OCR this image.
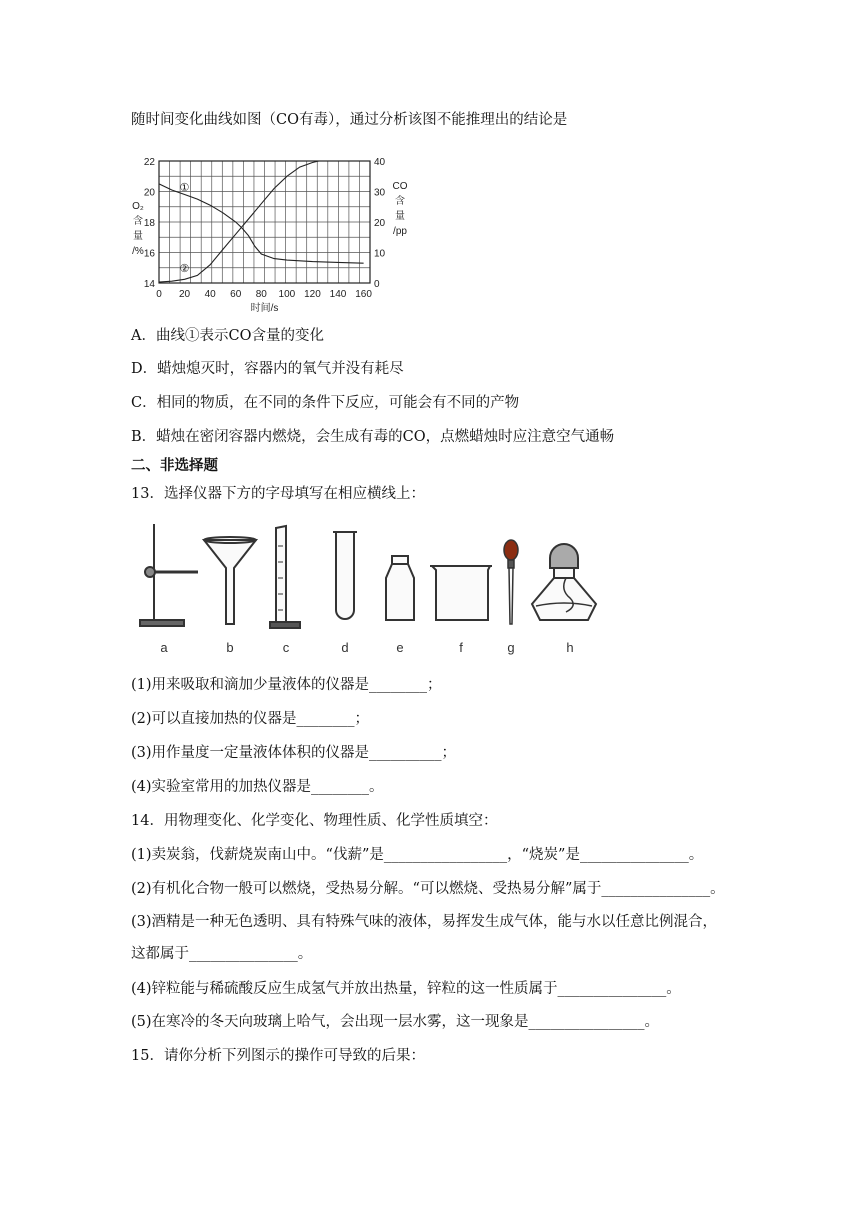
随时间变化曲线如图（CO有毒），通过分析该图不能推理出的结论是
0 20 40 60 80 100 120 140 160
14
16
18
20
22
0
10
20
30
40
①
②
O₂
含
量
/%
CO
含
量
/pp
时间/s
A．曲线①表示CO含量的变化
D．蜡烛熄灭时，容器内的氧气并没有耗尽
C．相同的物质，在不同的条件下反应，可能会有不同的产物
B．蜡烛在密闭容器内燃烧，会生成有毒的CO，点燃蜡烛时应注意空气通畅
二、非选择题
13．选择仪器下方的字母填写在相应横线上：
a	b	c	d	e	f	g	h
(1)用来吸取和滴加少量液体的仪器是________；
(2)可以直接加热的仪器是________；
(3)用作量度一定量液体体积的仪器是__________；
(4)实验室常用的加热仪器是________。
14．用物理变化、化学变化、物理性质、化学性质填空：
(1)卖炭翁，伐薪烧炭南山中。“伐薪”是_________________，“烧炭”是_______________。
(2)有机化合物一般可以燃烧，受热易分解。“可以燃烧、受热易分解”属于_______________。
(3)酒精是一种无色透明、具有特殊气味的液体，易挥发生成气体，能与水以任意比例混合，
这都属于_______________。
(4)锌粒能与稀硫酸反应生成氢气并放出热量，锌粒的这一性质属于_______________。
(5)在寒冷的冬天向玻璃上哈气，会出现一层水雾，这一现象是________________。
15．请你分析下列图示的操作可导致的后果：
